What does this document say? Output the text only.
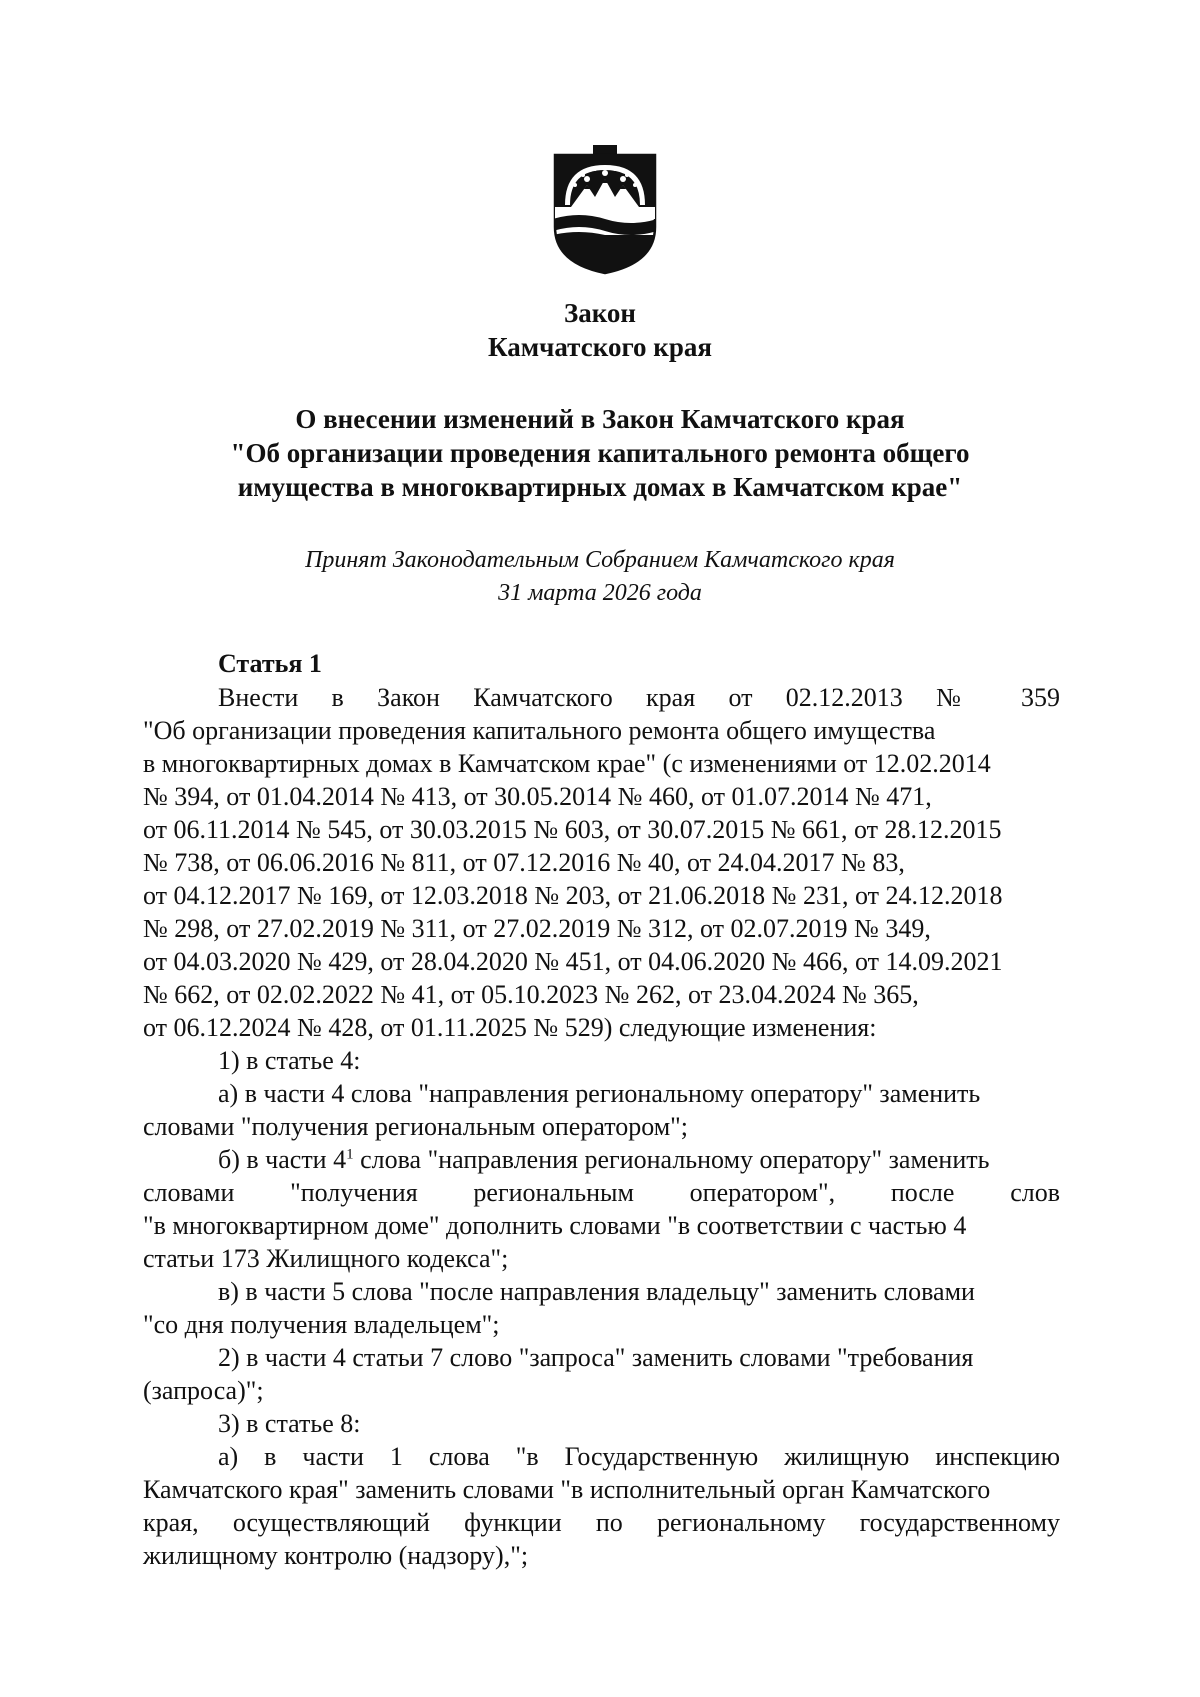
Закон
Камчатского края
О внесении изменений в Закон Камчатского края
"Об организации проведения капитального ремонта общего
имущества в многоквартирных домах в Камчатском крае"
Принят Законодательным Собранием Камчатского края
31 марта 2026 года
Статья 1
Внести в Закон Камчатского края от 02.12.2013 № 359
"Об организации проведения капитального ремонта общего имущества
в многоквартирных домах в Камчатском крае" (с изменениями от 12.02.2014
№ 394, от 01.04.2014 № 413, от 30.05.2014 № 460, от 01.07.2014 № 471,
от 06.11.2014 № 545, от 30.03.2015 № 603, от 30.07.2015 № 661, от 28.12.2015
№ 738, от 06.06.2016 № 811, от 07.12.2016 № 40, от 24.04.2017 № 83,
от 04.12.2017 № 169, от 12.03.2018 № 203, от 21.06.2018 № 231, от 24.12.2018
№ 298, от 27.02.2019 № 311, от 27.02.2019 № 312, от 02.07.2019 № 349,
от 04.03.2020 № 429, от 28.04.2020 № 451, от 04.06.2020 № 466, от 14.09.2021
№ 662, от 02.02.2022 № 41, от 05.10.2023 № 262, от 23.04.2024 № 365,
от 06.12.2024 № 428, от 01.11.2025 № 529) следующие изменения:
1) в статье 4:
а) в части 4 слова "направления региональному оператору" заменить
словами "получения региональным оператором";
б) в части $4^1$ слова "направления региональному оператору" заменить
словами "получения региональным оператором", после слов
"в многоквартирном доме" дополнить словами "в соответствии с частью 4
статьи 173 Жилищного кодекса";
в) в части 5 слова "после направления владельцу" заменить словами
"со дня получения владельцем";
2) в части 4 статьи 7 слово "запроса" заменить словами "требования
(запроса)";
3) в статье 8:
а) в части 1 слова "в Государственную жилищную инспекцию
Камчатского края" заменить словами "в исполнительный орган Камчатского
края, осуществляющий функции по региональному государственному
жилищному контролю (надзору),";
